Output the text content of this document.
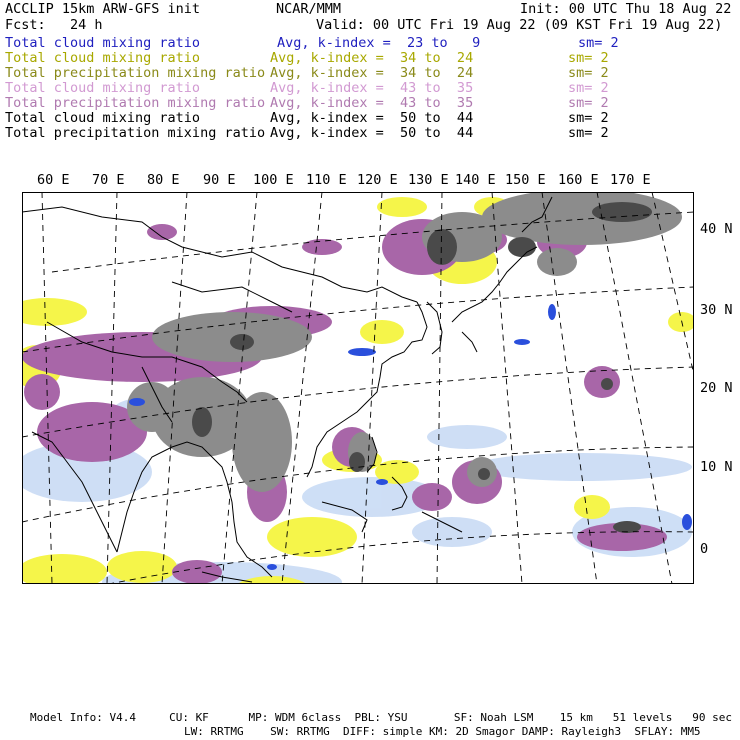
ACCLIP 15km ARW-GFS init	NCAR/MMM	Init: 00 UTC Thu 18 Aug 22
Fcst:   24 h	Valid: 00 UTC Fri 19 Aug 22 (09 KST Fri 19 Aug 22)
Total cloud mixing ratio	Avg, k-index =  23 to   9	sm= 2
Total cloud mixing ratio	Avg, k-index =  34 to  24	sm= 2
Total precipitation mixing ratio Avg, k-index =  34 to  24	sm= 2
Total cloud mixing ratio	Avg, k-index =  43 to  35	sm= 2
Total precipitation mixing ratio Avg, k-index =  43 to  35	sm= 2
Total cloud mixing ratio	Avg, k-index =  50 to  44	sm= 2
Total precipitation mixing ratio Avg, k-index =  50 to  44	sm= 2
60 E 70 E 80 E 90 E 100 E 110 E 120 E 130 E 140 E 150 E 160 E 170 E
40 N
30 N
20 N
10 N
0
Model Info: V4.4     CU: KF      MP: WDM 6class  PBL: YSU       SF: Noah LSM    15 km   51 levels   90 sec
LW: RRTMG    SW: RRTMG  DIFF: simple KM: 2D Smagor DAMP: Rayleigh3  SFLAY: MM5
